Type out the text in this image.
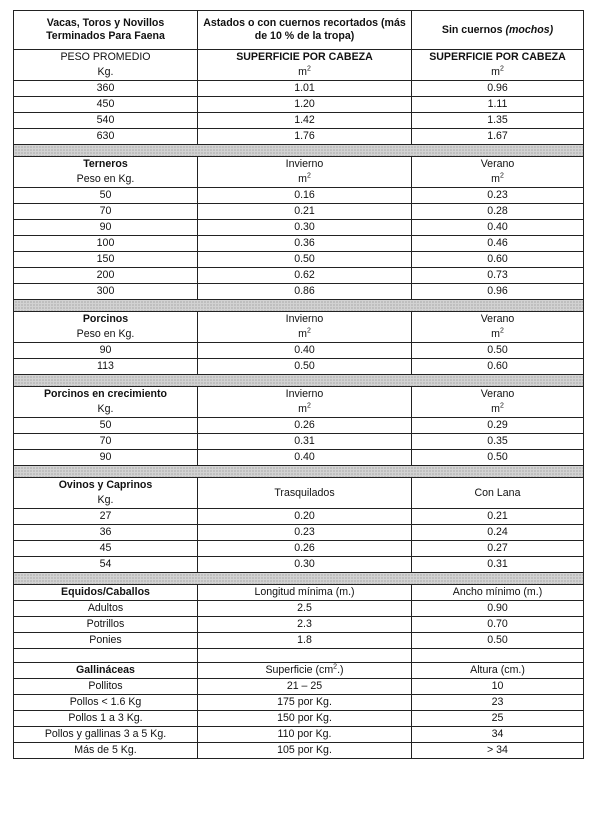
Vacas, Toros y Novillos Terminados Para Faena	Astados o con cuernos recortados (más de 10 % de la tropa)	Sin cuernos (mochos)
PESO PROMEDIO	SUPERFICIE POR CABEZA	SUPERFICIE POR CABEZA
Kg.	$m^2$	$m^2$
360	1.01	0.96
450	1.20	1.11
540	1.42	1.35
630	1.76	1.67

Terneros	Invierno	Verano
Peso en Kg.	$m^2$	$m^2$
50	0.16	0.23
70	0.21	0.28
90	0.30	0.40
100	0.36	0.46
150	0.50	0.60
200	0.62	0.73
300	0.86	0.96

Porcinos	Invierno	Verano
Peso en Kg.	$m^2$	$m^2$
90	0.40	0.50
113	0.50	0.60

Porcinos en crecimiento	Invierno	Verano
Kg.	$m^2$	$m^2$
50	0.26	0.29
70	0.31	0.35
90	0.40	0.50

Ovinos y Caprinos	Trasquilados	Con Lana
Kg.		
27	0.20	0.21
36	0.23	0.24
45	0.26	0.27
54	0.30	0.31

Equidos/Caballos	Longitud mínima (m.)	Ancho mínimo (m.)
Adultos	2.5	0.90
Potrillos	2.3	0.70
Ponies	1.8	0.50

Gallináceas	Superficie $(cm^2.)$	Altura (cm.)
Pollitos	21 – 25	10
Pollos < 1.6 Kg	175 por Kg.	23
Pollos 1 a 3 Kg.	150 por Kg.	25
Pollos y gallinas 3 a 5 Kg.	110 por Kg.	34
Más de 5 Kg.	105 por Kg.	> 34
